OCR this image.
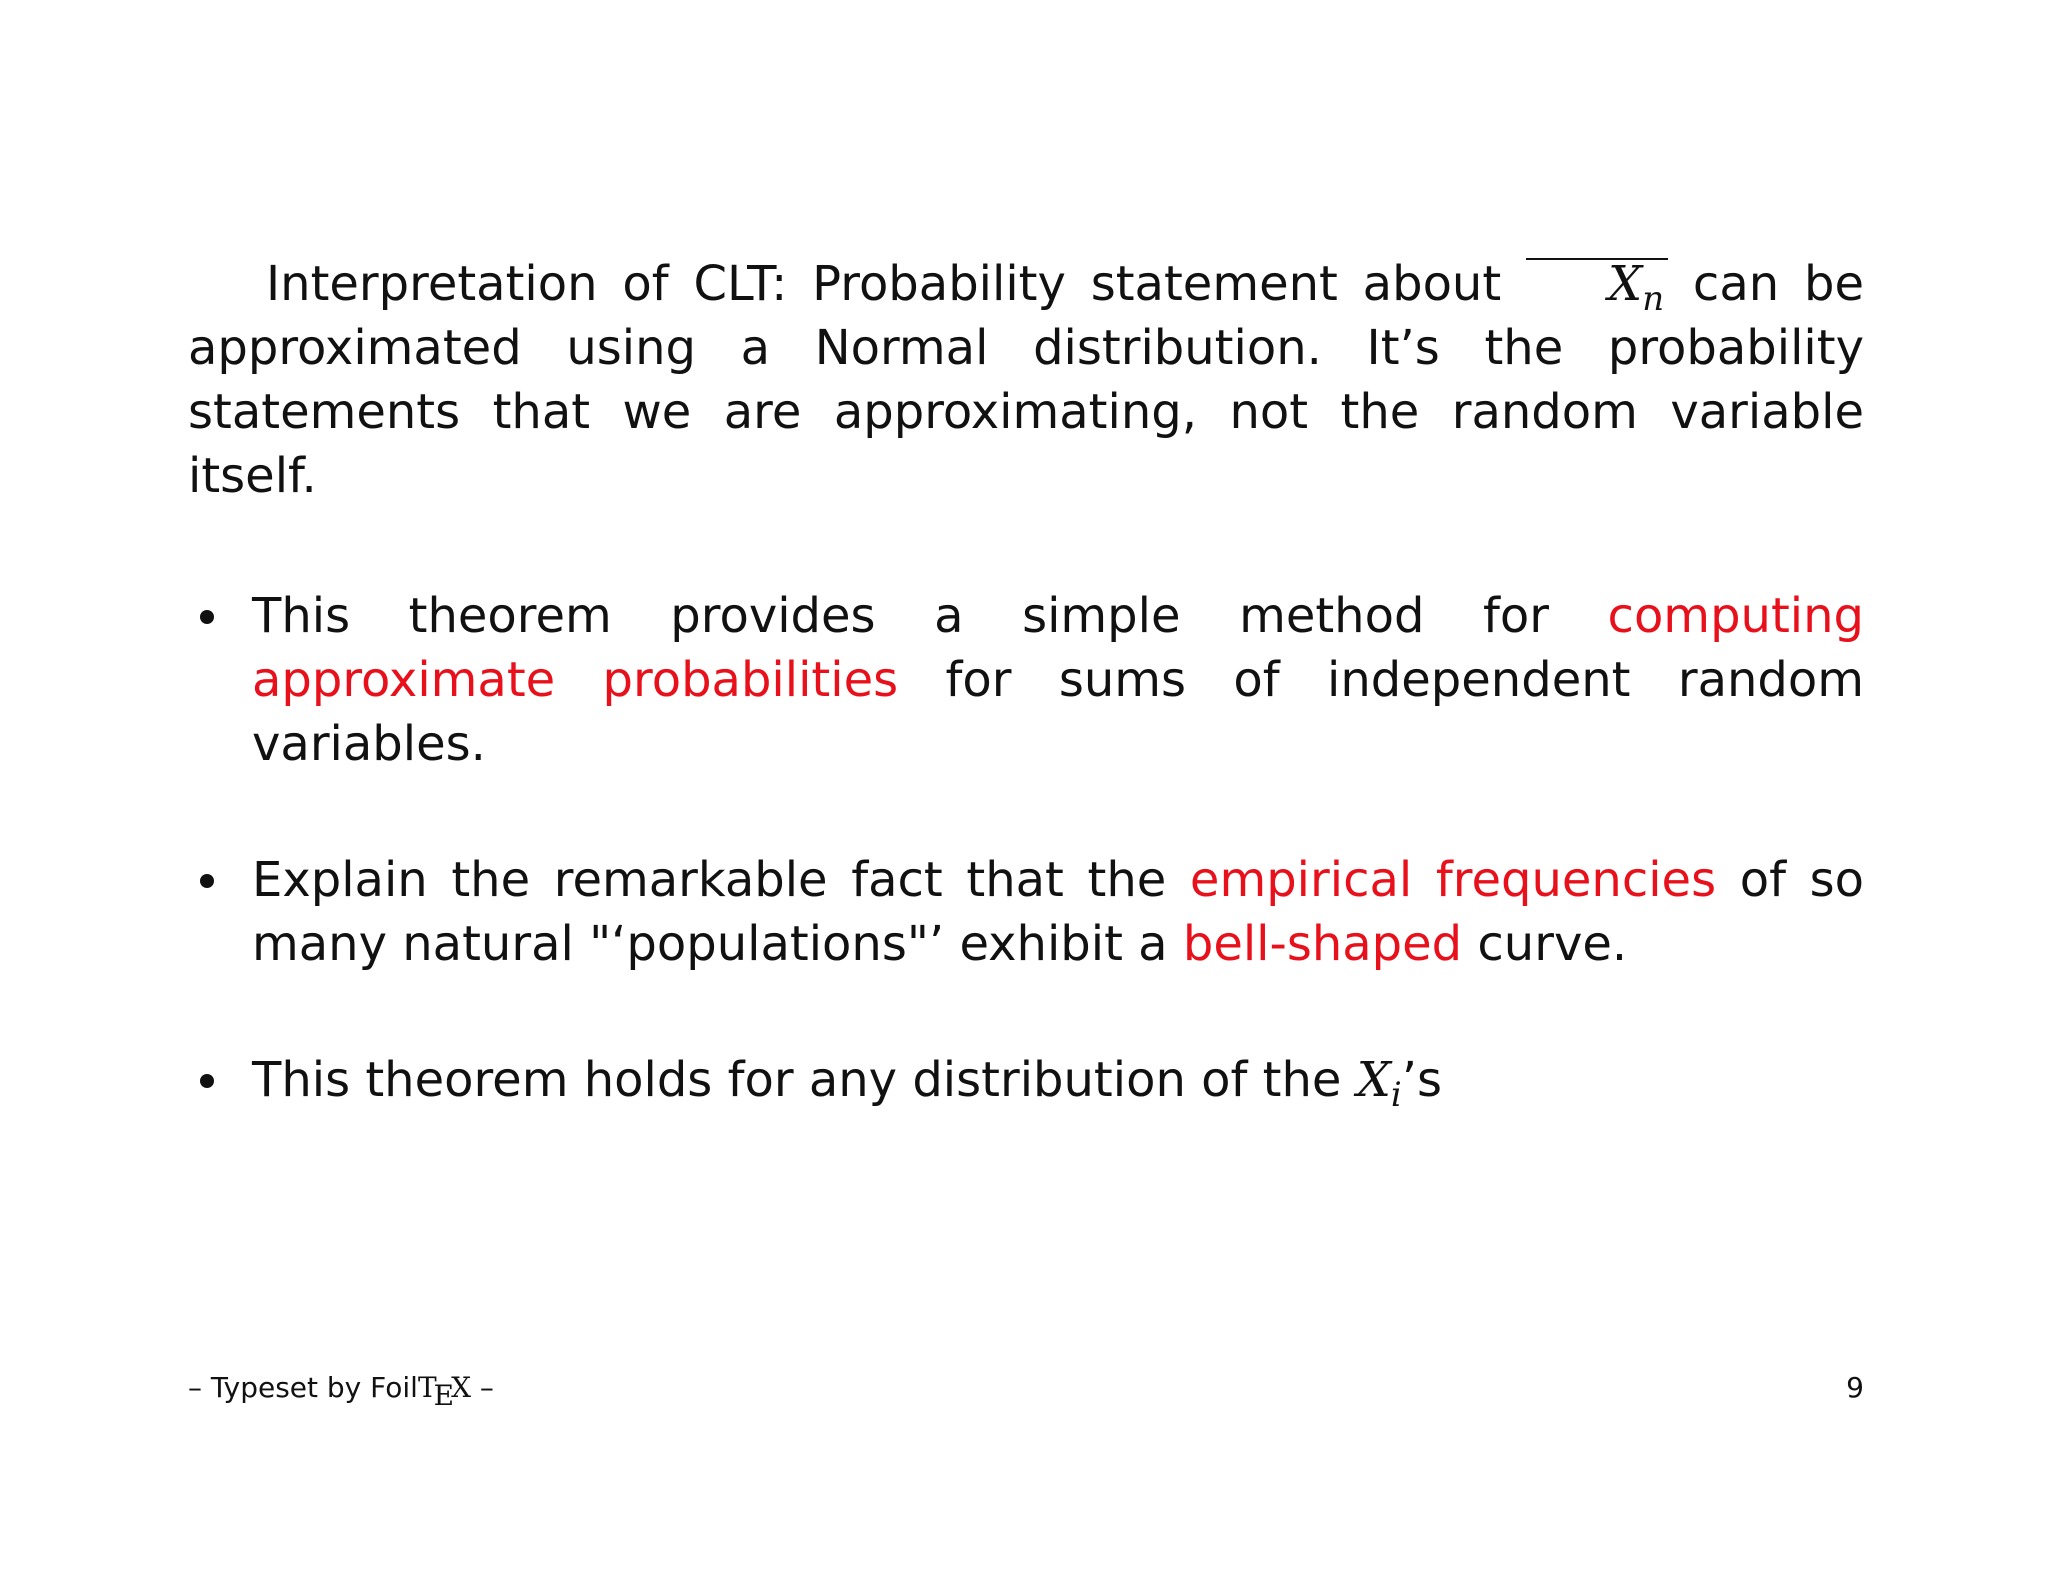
Interpretation of CLT: Probability statement about $X_n$ can be approximated using a Normal distribution. It’s the probability statements that we are approximating, not the random variable itself.

This theorem provides a simple method for computing approximate probabilities for sums of independent random variables.
Explain the remarkable fact that the empirical frequencies of so many natural "‘populations"’ exhibit a bell-shaped curve.
This theorem holds for any distribution of the $X_i’s$
– Typeset by FoilTEX –	9
